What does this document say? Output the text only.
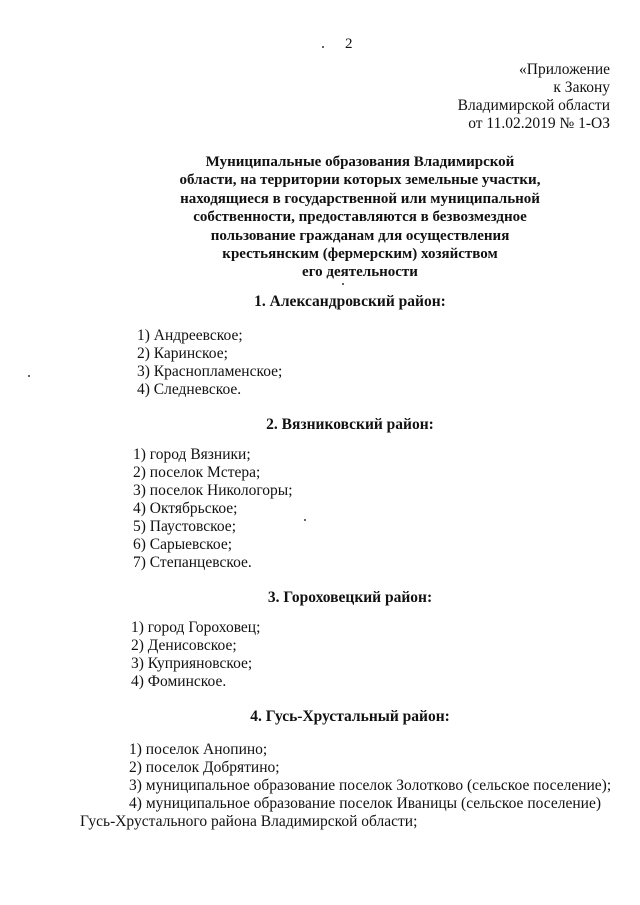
2
«Приложение
к Закону
Владимирской области
от 11.02.2019 № 1-ОЗ
Муниципальные образования Владимирской
области, на территории которых земельные участки,
находящиеся в государственной или муниципальной
собственности, предоставляются в безвозмездное
пользование гражданам для осуществления
крестьянским (фермерским) хозяйством
его деятельности
1. Александровский район:
1) Андреевское;
2) Каринское;
3) Краснопламенское;
4) Следневское.
2. Вязниковский район:
1) город Вязники;
2) поселок Мстера;
3) поселок Никологоры;
4) Октябрьское;
5) Паустовское;
6) Сарыевское;
7) Степанцевское.
3. Гороховецкий район:
1) город Гороховец;
2) Денисовское;
3) Куприяновское;
4) Фоминское.
4. Гусь-Хрустальный район:
1) поселок Анопино;
2) поселок Добрятино;
3) муниципальное образование поселок Золотково (сельское поселение);
4) муниципальное образование поселок Иваницы (сельское поселение)
Гусь-Хрустального района Владимирской области;
